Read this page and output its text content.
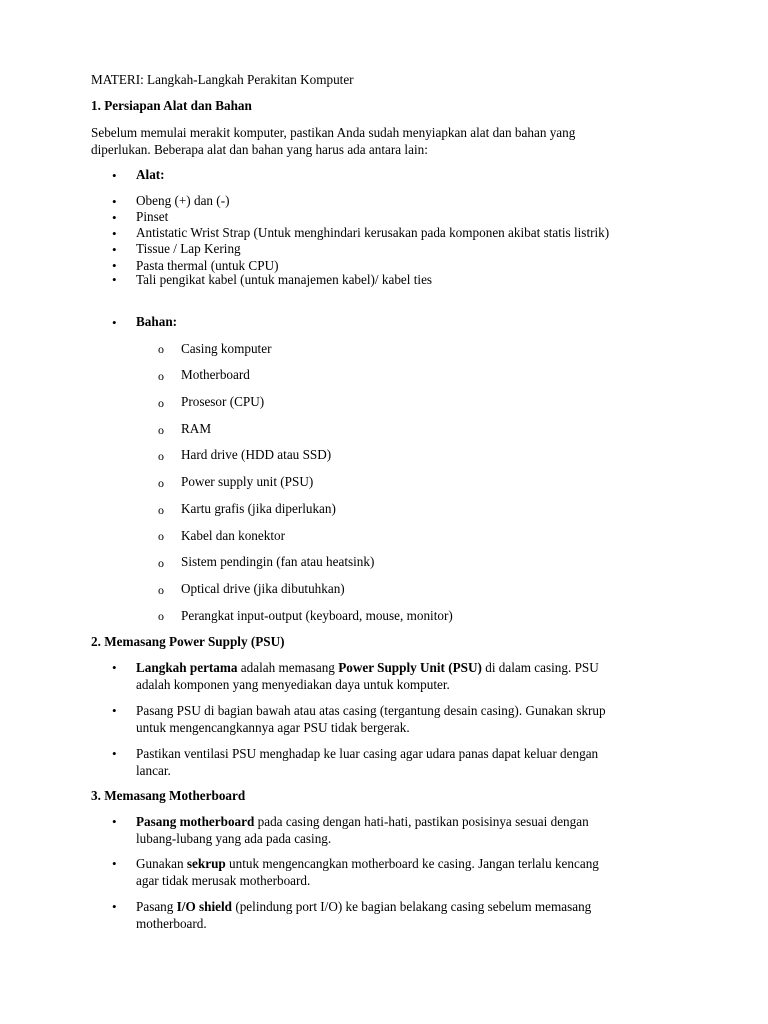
MATERI: Langkah-Langkah Perakitan Komputer
1. Persiapan Alat dan Bahan
Sebelum memulai merakit komputer, pastikan Anda sudah menyiapkan alat dan bahan yang
diperlukan. Beberapa alat dan bahan yang harus ada antara lain:
• Alat:
• Obeng (+) dan (-)
• Pinset
• Antistatic Wrist Strap (Untuk menghindari kerusakan pada komponen akibat statis listrik)
• Tissue / Lap Kering
• Pasta thermal (untuk CPU)
• Tali pengikat kabel (untuk manajemen kabel)/ kabel ties
• Bahan:
o Casing komputer
o Motherboard
o Prosesor (CPU)
o RAM
o Hard drive (HDD atau SSD)
o Power supply unit (PSU)
o Kartu grafis (jika diperlukan)
o Kabel dan konektor
o Sistem pendingin (fan atau heatsink)
o Optical drive (jika dibutuhkan)
o Perangkat input-output (keyboard, mouse, monitor)
2. Memasang Power Supply (PSU)
• Langkah pertama adalah memasang Power Supply Unit (PSU) di dalam casing. PSU
adalah komponen yang menyediakan daya untuk komputer.
• Pasang PSU di bagian bawah atau atas casing (tergantung desain casing). Gunakan skrup
untuk mengencangkannya agar PSU tidak bergerak.
• Pastikan ventilasi PSU menghadap ke luar casing agar udara panas dapat keluar dengan
lancar.
3. Memasang Motherboard
• Pasang motherboard pada casing dengan hati-hati, pastikan posisinya sesuai dengan
lubang-lubang yang ada pada casing.
• Gunakan sekrup untuk mengencangkan motherboard ke casing. Jangan terlalu kencang
agar tidak merusak motherboard.
• Pasang I/O shield (pelindung port I/O) ke bagian belakang casing sebelum memasang
motherboard.
